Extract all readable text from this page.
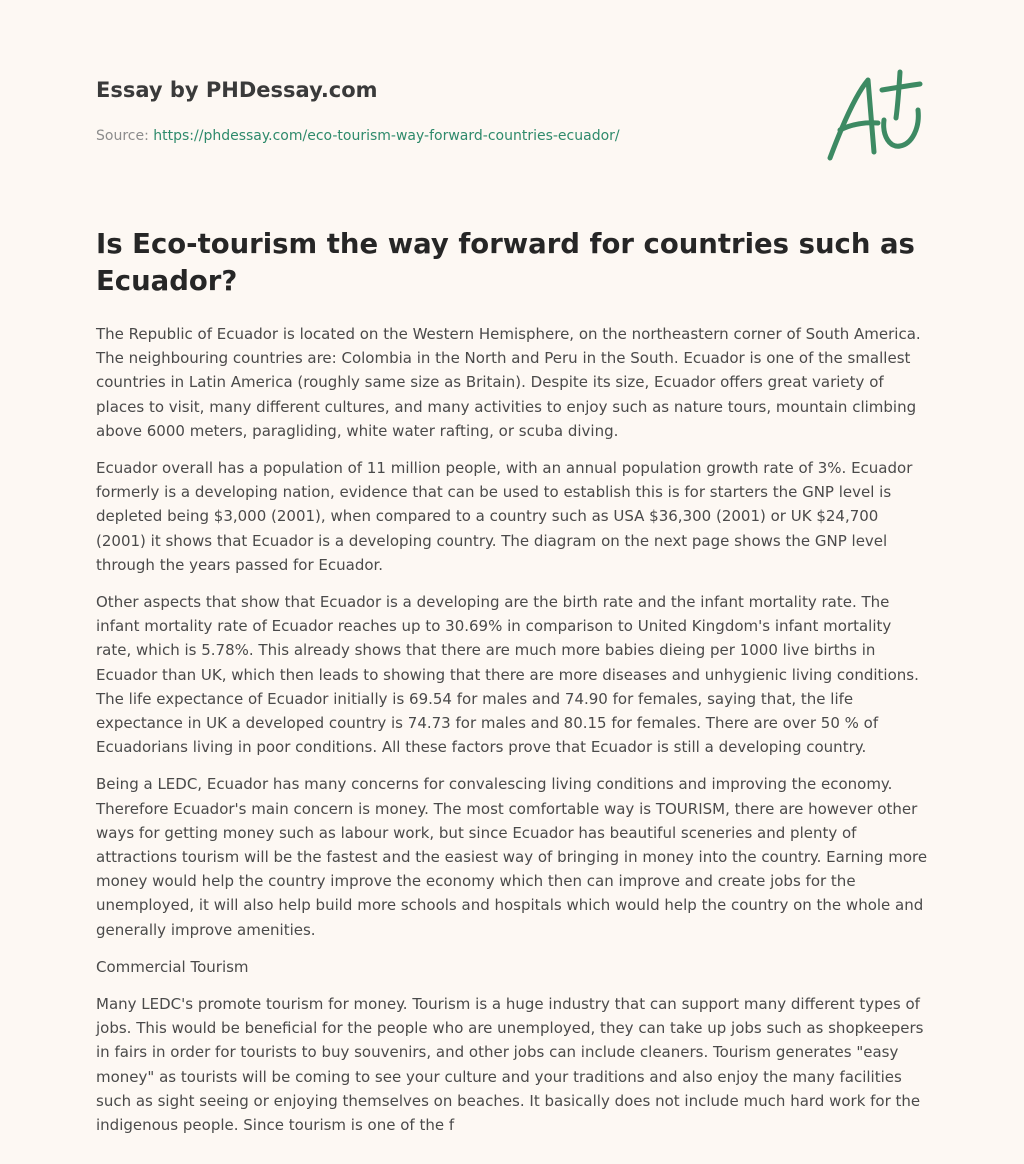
Essay by PHDessay.com
Source: https://phdessay.com/eco-tourism-way-forward-countries-ecuador/
Is Eco-tourism the way forward for countries such as Ecuador?

The Republic of Ecuador is located on the Western Hemisphere, on the northeastern corner of South America. The neighbouring countries are: Colombia in the North and Peru in the South. Ecuador is one of the smallest countries in Latin America (roughly same size as Britain). Despite its size, Ecuador offers great variety of places to visit, many different cultures, and many activities to enjoy such as nature tours, mountain climbing above 6000 meters, paragliding, white water rafting, or scuba diving.

Ecuador overall has a population of 11 million people, with an annual population growth rate of 3%. Ecuador formerly is a developing nation, evidence that can be used to establish this is for starters the GNP level is depleted being $3,000 (2001), when compared to a country such as USA $36,300 (2001) or UK $24,700 (2001) it shows that Ecuador is a developing country. The diagram on the next page shows the GNP level through the years passed for Ecuador.

Other aspects that show that Ecuador is a developing are the birth rate and the infant mortality rate. The infant mortality rate of Ecuador reaches up to 30.69% in comparison to United Kingdom's infant mortality rate, which is 5.78%. This already shows that there are much more babies dieing per 1000 live births in Ecuador than UK, which then leads to showing that there are more diseases and unhygienic living conditions. The life expectance of Ecuador initially is 69.54 for males and 74.90 for females, saying that, the life expectance in UK a developed country is 74.73 for males and 80.15 for females. There are over 50 % of Ecuadorians living in poor conditions. All these factors prove that Ecuador is still a developing country.

Being a LEDC, Ecuador has many concerns for convalescing living conditions and improving the economy. Therefore Ecuador's main concern is money. The most comfortable way is TOURISM, there are however other ways for getting money such as labour work, but since Ecuador has beautiful sceneries and plenty of attractions tourism will be the fastest and the easiest way of bringing in money into the country. Earning more money would help the country improve the economy which then can improve and create jobs for the unemployed, it will also help build more schools and hospitals which would help the country on the whole and generally improve amenities.

Commercial Tourism

Many LEDC's promote tourism for money. Tourism is a huge industry that can support many different types of jobs. This would be beneficial for the people who are unemployed, they can take up jobs such as shopkeepers in fairs in order for tourists to buy souvenirs, and other jobs can include cleaners. Tourism generates "easy money" as tourists will be coming to see your culture and your traditions and also enjoy the many facilities such as sight seeing or enjoying themselves on beaches. It basically does not include much hard work for the indigenous people. Since tourism is one of the f
